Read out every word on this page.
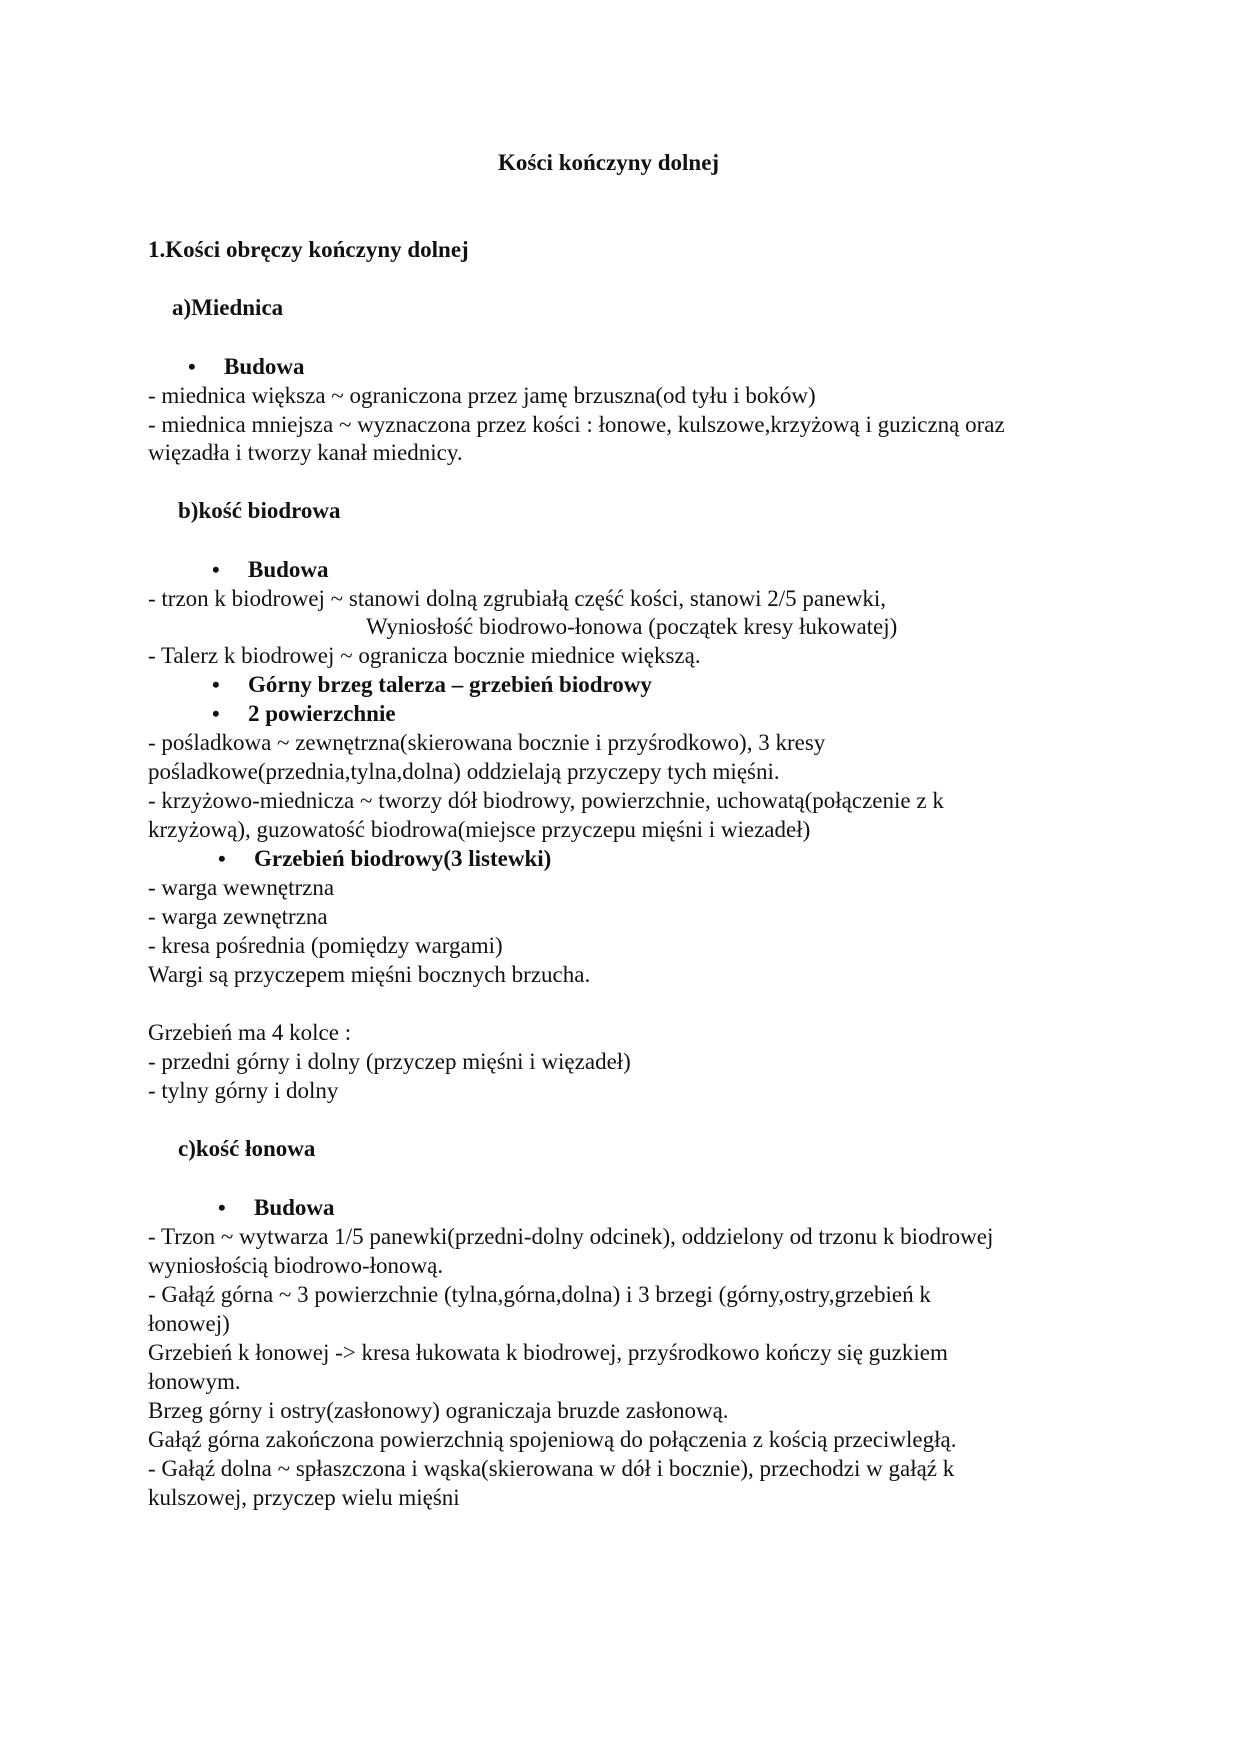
Kości kończyny dolnej
1.Kości obręczy kończyny dolnej
a)Miednica
• Budowa
- miednica większa ~ ograniczona przez jamę brzuszna(od tyłu i boków)
- miednica mniejsza ~ wyznaczona przez kości : łonowe, kulszowe,krzyżową i guziczną oraz
więzadła i tworzy kanał miednicy.
b)kość biodrowa
• Budowa
- trzon k biodrowej ~ stanowi dolną zgrubiałą część kości, stanowi 2/5 panewki,
Wyniosłość biodrowo-łonowa (początek kresy łukowatej)
- Talerz k biodrowej ~ ogranicza bocznie miednice większą.
• Górny brzeg talerza – grzebień biodrowy
• 2 powierzchnie
- pośladkowa ~ zewnętrzna(skierowana bocznie i przyśrodkowo), 3 kresy
pośladkowe(przednia,tylna,dolna) oddzielają przyczepy tych mięśni.
- krzyżowo-miednicza ~ tworzy dół biodrowy, powierzchnie, uchowatą(połączenie z k
krzyżową), guzowatość biodrowa(miejsce przyczepu mięśni i wiezadeł)
• Grzebień biodrowy(3 listewki)
- warga wewnętrzna
- warga zewnętrzna
- kresa pośrednia (pomiędzy wargami)
Wargi są przyczepem mięśni bocznych brzucha.
Grzebień ma 4 kolce :
- przedni górny i dolny (przyczep mięśni i więzadeł)
- tylny górny i dolny
c)kość łonowa
• Budowa
- Trzon ~ wytwarza 1/5 panewki(przedni-dolny odcinek), oddzielony od trzonu k biodrowej
wyniosłością biodrowo-łonową.
- Gałąź górna ~ 3 powierzchnie (tylna,górna,dolna) i 3 brzegi (górny,ostry,grzebień k
łonowej)
Grzebień k łonowej -> kresa łukowata k biodrowej, przyśrodkowo kończy się guzkiem
łonowym.
Brzeg górny i ostry(zasłonowy) ograniczaja bruzde zasłonową.
Gałąź górna zakończona powierzchnią spojeniową do połączenia z kością przeciwległą.
- Gałąź dolna ~ spłaszczona i wąska(skierowana w dół i bocznie), przechodzi w gałąź k
kulszowej, przyczep wielu mięśni
